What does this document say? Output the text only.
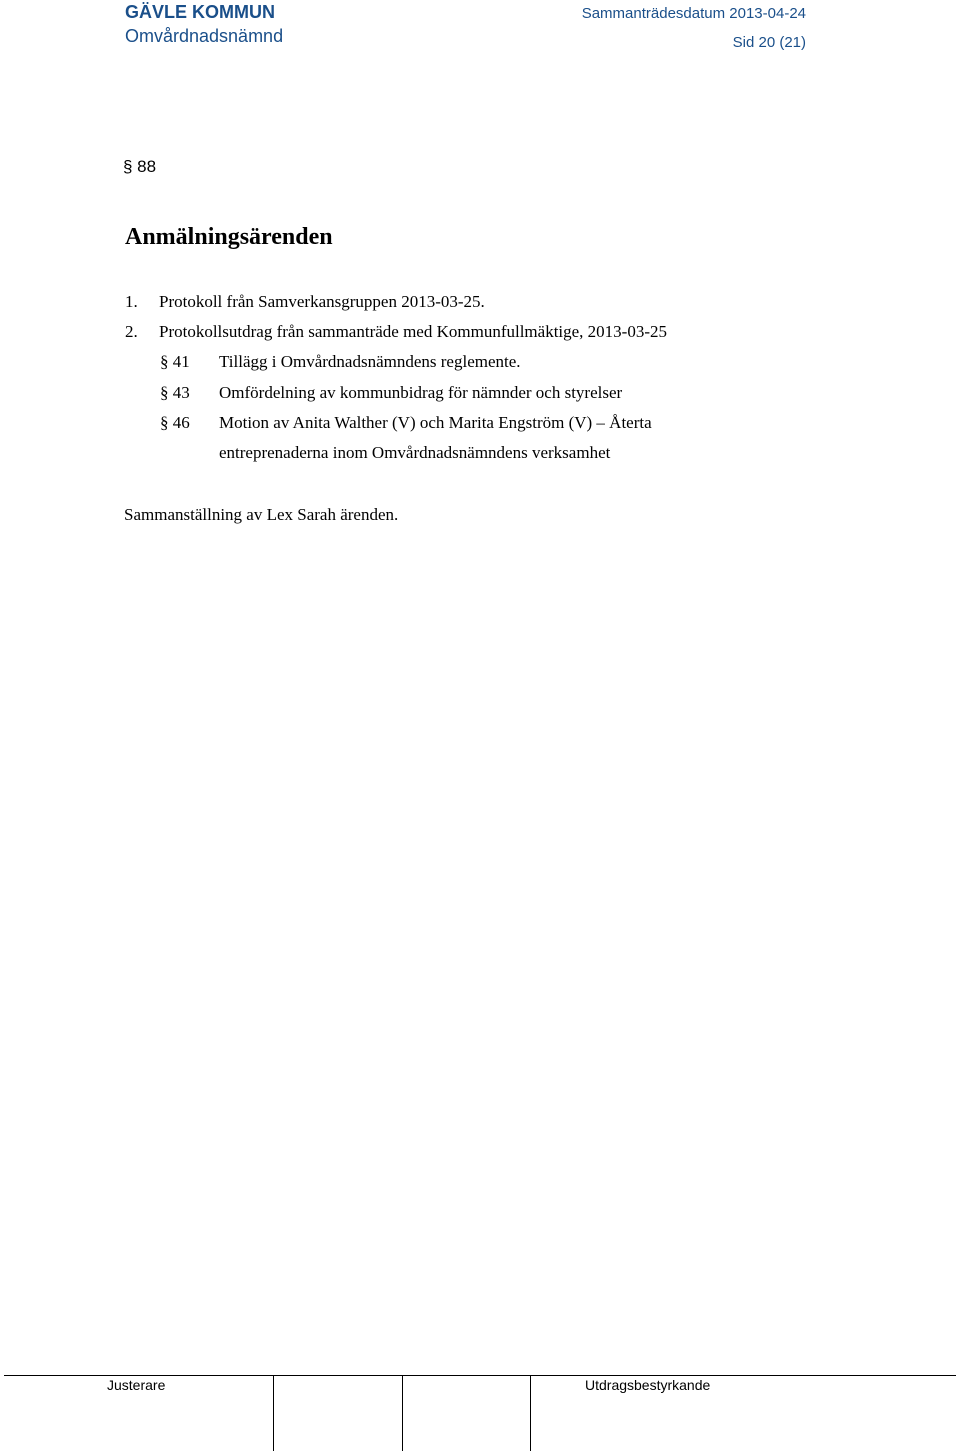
GÄVLE KOMMUN
Omvårdnadsnämnd
Sammanträdesdatum 2013-04-24
Sid 20 (21)
§ 88
Anmälningsärenden
1. Protokoll från Samverkansgruppen 2013-03-25.
2. Protokollsutdrag från sammanträde med Kommunfullmäktige, 2013-03-25
§ 41 Tillägg i Omvårdnadsnämndens reglemente.
§ 43 Omfördelning av kommunbidrag för nämnder och styrelser
§ 46 Motion av Anita Walther (V) och Marita Engström (V) – Återta
entreprenaderna inom Omvårdnadsnämndens verksamhet
Sammanställning av Lex Sarah ärenden.
Justerare	Utdragsbestyrkande
